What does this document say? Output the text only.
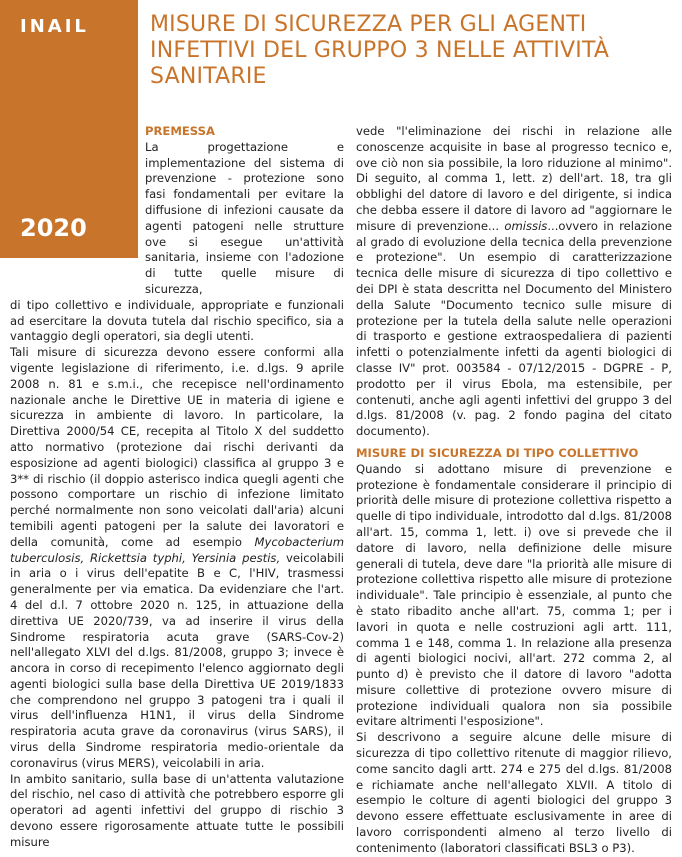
INAIL
2020
MISURE DI SICUREZZA PER GLI AGENTI INFETTIVI DEL GRUPPO 3 NELLE ATTIVITÀ SANITARIE
PREMESSA
La progettazione e implementazione del sistema di prevenzione - protezione sono fasi fondamentali per evitare la diffusione di infezioni causate da agenti patogeni nelle strutture ove si esegue un'attività sanitaria, insieme con l'adozione di tutte quelle misure di sicurezza,

di tipo collettivo e individuale, appropriate e funzionali ad esercitare la dovuta tutela dal rischio specifico, sia a vantaggio degli operatori, sia degli utenti.

Tali misure di sicurezza devono essere conformi alla vigente legislazione di riferimento, i.e. d.lgs. 9 aprile 2008 n. 81 e s.m.i., che recepisce nell'ordinamento nazionale anche le Direttive UE in materia di igiene e sicurezza in ambiente di lavoro. In particolare, la Direttiva 2000/54 CE, recepita al Titolo X del suddetto atto normativo (protezione dai rischi derivanti da esposizione ad agenti biologici) classifica al gruppo 3 e 3** di rischio (il doppio asterisco indica quegli agenti che possono comportare un rischio di infezione limitato perché normalmente non sono veicolati dall'aria) alcuni temibili agenti patogeni per la salute dei lavoratori e della comunità, come ad esempio Mycobacterium tuberculosis, Rickettsia typhi, Yersinia pestis, veicolabili in aria o i virus dell'epatite B e C, l'HIV, trasmessi generalmente per via ematica. Da evidenziare che l'art. 4 del d.l. 7 ottobre 2020 n. 125, in attuazione della direttiva UE 2020/739, va ad inserire il virus della Sindrome respiratoria acuta grave (SARS-Cov-2) nell'allegato XLVI del d.lgs. 81/2008, gruppo 3; invece è ancora in corso di recepimento l'elenco aggiornato degli agenti biologici sulla base della Direttiva UE 2019/1833 che comprendono nel gruppo 3 patogeni tra i quali il virus dell'influenza H1N1, il virus della Sindrome respiratoria acuta grave da coronavirus (virus SARS), il virus della Sindrome respiratoria medio-orientale da coronavirus (virus MERS), veicolabili in aria.

In ambito sanitario, sulla base di un'attenta valutazione del rischio, nel caso di attività che potrebbero esporre gli operatori ad agenti infettivi del gruppo di rischio 3 devono essere rigorosamente attuate tutte le possibili misure

vede "l'eliminazione dei rischi in relazione alle conoscenze acquisite in base al progresso tecnico e, ove ciò non sia possibile, la loro riduzione al minimo". Di seguito, al comma 1, lett. z) dell'art. 18, tra gli obblighi del datore di lavoro e del dirigente, si indica che debba essere il datore di lavoro ad "aggiornare le misure di prevenzione... omissis...ovvero in relazione al grado di evoluzione della tecnica della prevenzione e protezione". Un esempio di caratterizzazione tecnica delle misure di sicurezza di tipo collettivo e dei DPI è stata descritta nel Documento del Ministero della Salute "Documento tecnico sulle misure di protezione per la tutela della salute nelle operazioni di trasporto e gestione extraospedaliera di pazienti infetti o potenzialmente infetti da agenti biologici di classe IV" prot. 003584 - 07/12/2015 - DGPRE - P, prodotto per il virus Ebola, ma estensibile, per contenuti, anche agli agenti infettivi del gruppo 3 del d.lgs. 81/2008 (v. pag. 2 fondo pagina del citato documento).

MISURE DI SICUREZZA DI TIPO COLLETTIVO

Quando si adottano misure di prevenzione e protezione è fondamentale considerare il principio di priorità delle misure di protezione collettiva rispetto a quelle di tipo individuale, introdotto dal d.lgs. 81/2008 all'art. 15, comma 1, lett. i) ove si prevede che il datore di lavoro, nella definizione delle misure generali di tutela, deve dare "la priorità alle misure di protezione collettiva rispetto alle misure di protezione individuale". Tale principio è essenziale, al punto che è stato ribadito anche all'art. 75, comma 1; per i lavori in quota e nelle costruzioni agli artt. 111, comma 1 e 148, comma 1. In relazione alla presenza di agenti biologici nocivi, all'art. 272 comma 2, al punto d) è previsto che il datore di lavoro "adotta misure collettive di protezione ovvero misure di protezione individuali qualora non sia possibile evitare altrimenti l'esposizione".

Si descrivono a seguire alcune delle misure di sicurezza di tipo collettivo ritenute di maggior rilievo, come sancito dagli artt. 274 e 275 del d.lgs. 81/2008 e richiamate anche nell'allegato XLVII. A titolo di esempio le colture di agenti biologici del gruppo 3 devono essere effettuate esclusivamente in aree di lavoro corrispondenti almeno al terzo livello di contenimento (laboratori classificati BSL3 o P3).
